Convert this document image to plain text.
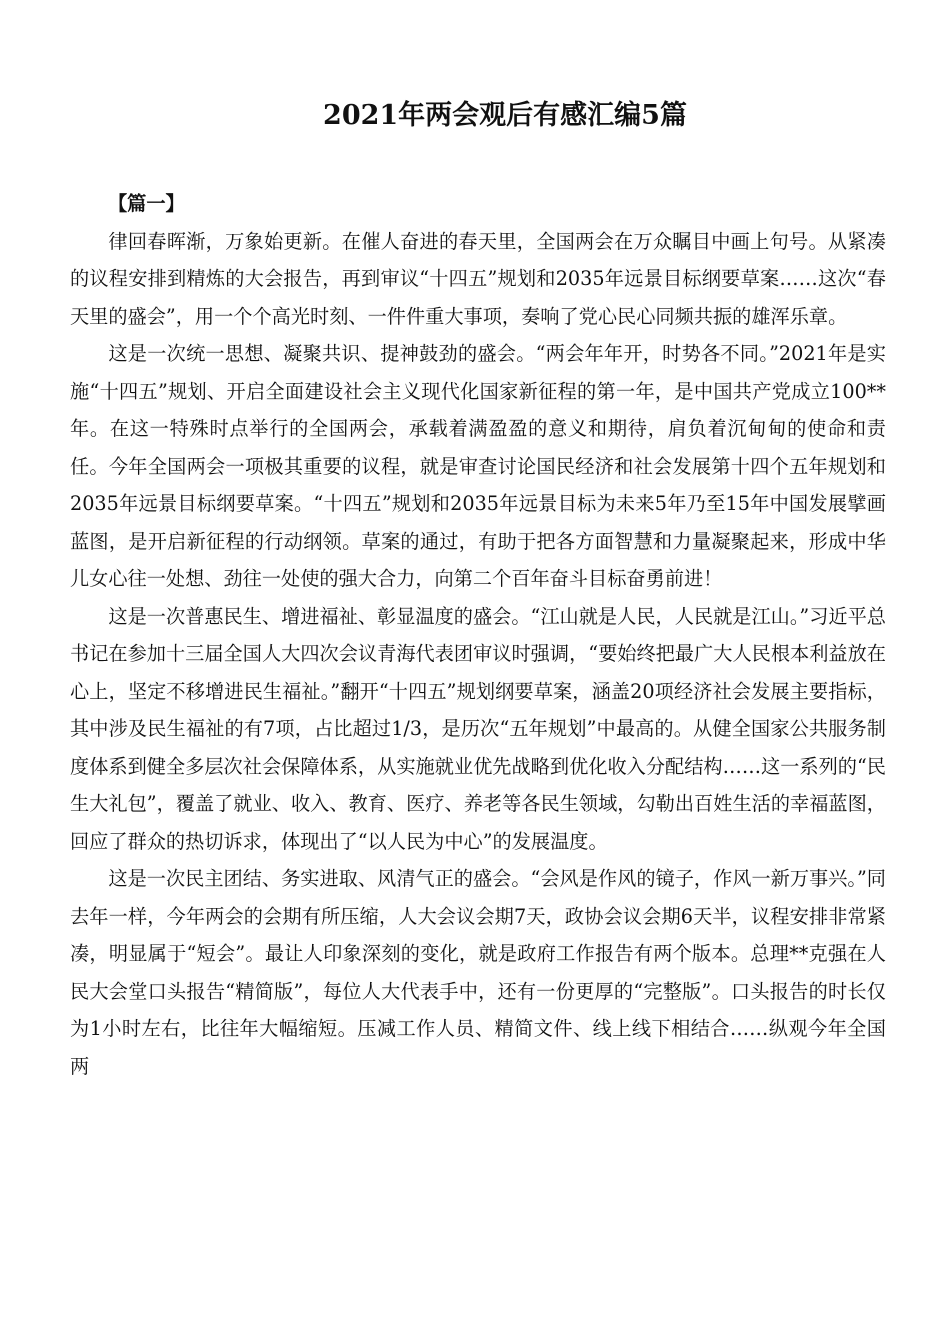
2021年两会观后有感汇编5篇

【篇一】

律回春晖渐，万象始更新。在催人奋进的春天里，全国两会在万众瞩目中画上句号。从紧凑的议程安排到精炼的大会报告，再到审议“十四五”规划和2035年远景目标纲要草案……这次“春天里的盛会”，用一个个高光时刻、一件件重大事项，奏响了党心民心同频共振的雄浑乐章。

这是一次统一思想、凝聚共识、提神鼓劲的盛会。“两会年年开，时势各不同。”2021年是实施“十四五”规划、开启全面建设社会主义现代化国家新征程的第一年，是中国共产党成立100**年。在这一特殊时点举行的全国两会，承载着满盈盈的意义和期待，肩负着沉甸甸的使命和责任。今年全国两会一项极其重要的议程，就是审查讨论国民经济和社会发展第十四个五年规划和2035年远景目标纲要草案。“十四五”规划和2035年远景目标为未来5年乃至15年中国发展擘画蓝图，是开启新征程的行动纲领。草案的通过，有助于把各方面智慧和力量凝聚起来，形成中华儿女心往一处想、劲往一处使的强大合力，向第二个百年奋斗目标奋勇前进！

这是一次普惠民生、增进福祉、彰显温度的盛会。“江山就是人民，人民就是江山。”习近平总书记在参加十三届全国人大四次会议青海代表团审议时强调，“要始终把最广大人民根本利益放在心上，坚定不移增进民生福祉。”翻开“十四五”规划纲要草案，涵盖20项经济社会发展主要指标，其中涉及民生福祉的有7项，占比超过1/3，是历次“五年规划”中最高的。从健全国家公共服务制度体系到健全多层次社会保障体系，从实施就业优先战略到优化收入分配结构……这一系列的“民生大礼包”，覆盖了就业、收入、教育、医疗、养老等各民生领域，勾勒出百姓生活的幸福蓝图，回应了群众的热切诉求，体现出了“以人民为中心”的发展温度。

这是一次民主团结、务实进取、风清气正的盛会。“会风是作风的镜子，作风一新万事兴。”同去年一样，今年两会的会期有所压缩，人大会议会期7天，政协会议会期6天半，议程安排非常紧凑，明显属于“短会”。最让人印象深刻的变化，就是政府工作报告有两个版本。总理**克强在人民大会堂口头报告“精简版”，每位人大代表手中，还有一份更厚的“完整版”。口头报告的时长仅为1小时左右，比往年大幅缩短。压减工作人员、精简文件、线上线下相结合……纵观今年全国两
